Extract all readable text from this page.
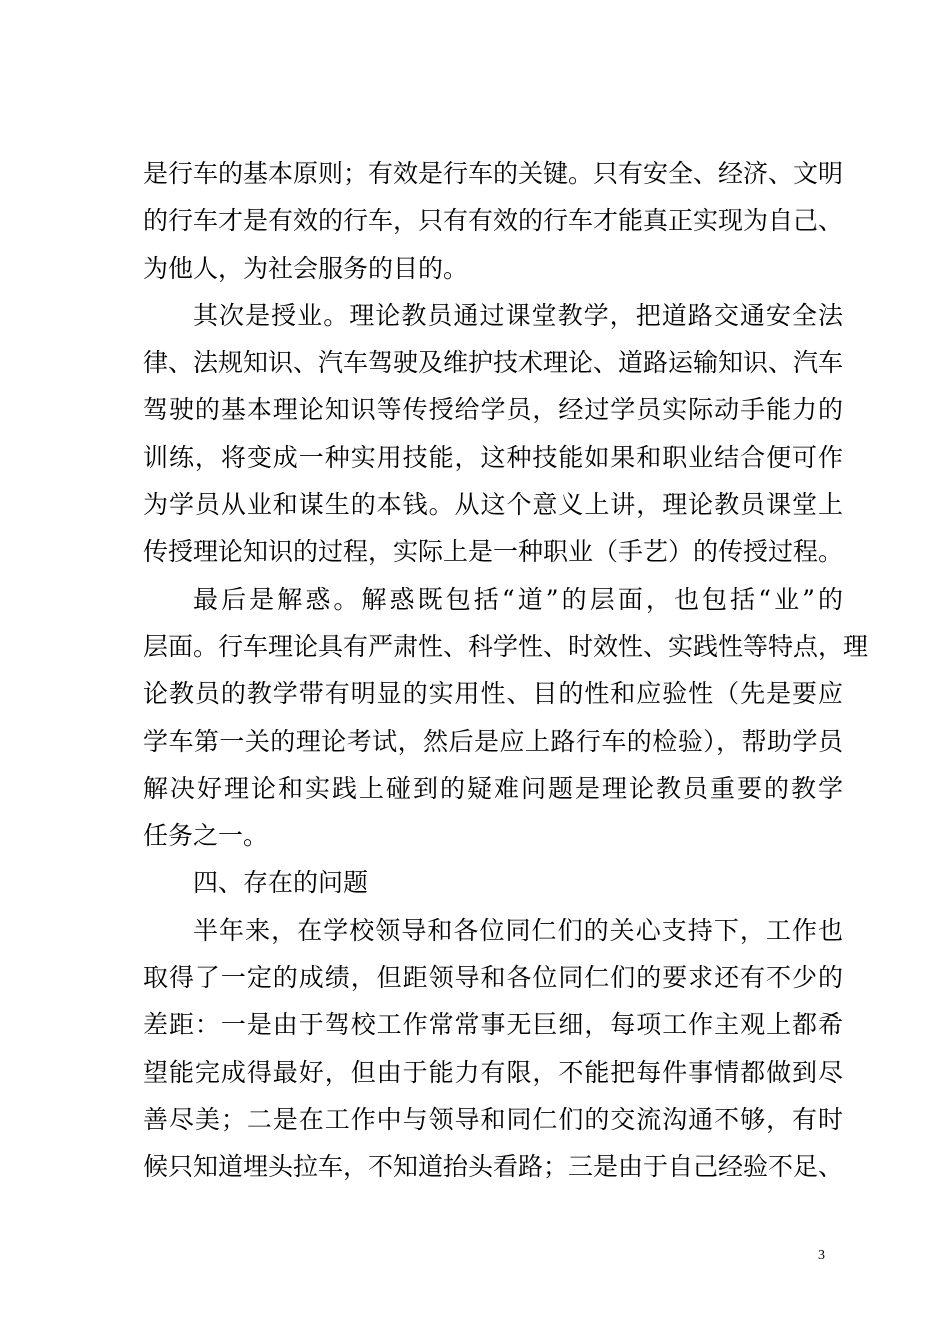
是行车的基本原则；有效是行车的关键。只有安全、经济、文明
的行车才是有效的行车，只有有效的行车才能真正实现为自己、
为他人，为社会服务的目的。
其次是授业。理论教员通过课堂教学，把道路交通安全法
律、法规知识、汽车驾驶及维护技术理论、道路运输知识、汽车
驾驶的基本理论知识等传授给学员，经过学员实际动手能力的
训练，将变成一种实用技能，这种技能如果和职业结合便可作
为学员从业和谋生的本钱。从这个意义上讲，理论教员课堂上
传授理论知识的过程，实际上是一种职业（手艺）的传授过程。
最后是解惑。解惑既包括“道”的层面，也包括“业”的
层面。行车理论具有严肃性、科学性、时效性、实践性等特点，理
论教员的教学带有明显的实用性、目的性和应验性（先是要应
学车第一关的理论考试，然后是应上路行车的检验），帮助学员
解决好理论和实践上碰到的疑难问题是理论教员重要的教学
任务之一。
四、存在的问题
半年来，在学校领导和各位同仁们的关心支持下，工作也
取得了一定的成绩，但距领导和各位同仁们的要求还有不少的
差距：一是由于驾校工作常常事无巨细，每项工作主观上都希
望能完成得最好，但由于能力有限，不能把每件事情都做到尽
善尽美；二是在工作中与领导和同仁们的交流沟通不够，有时
候只知道埋头拉车，不知道抬头看路；三是由于自己经验不足、
3
